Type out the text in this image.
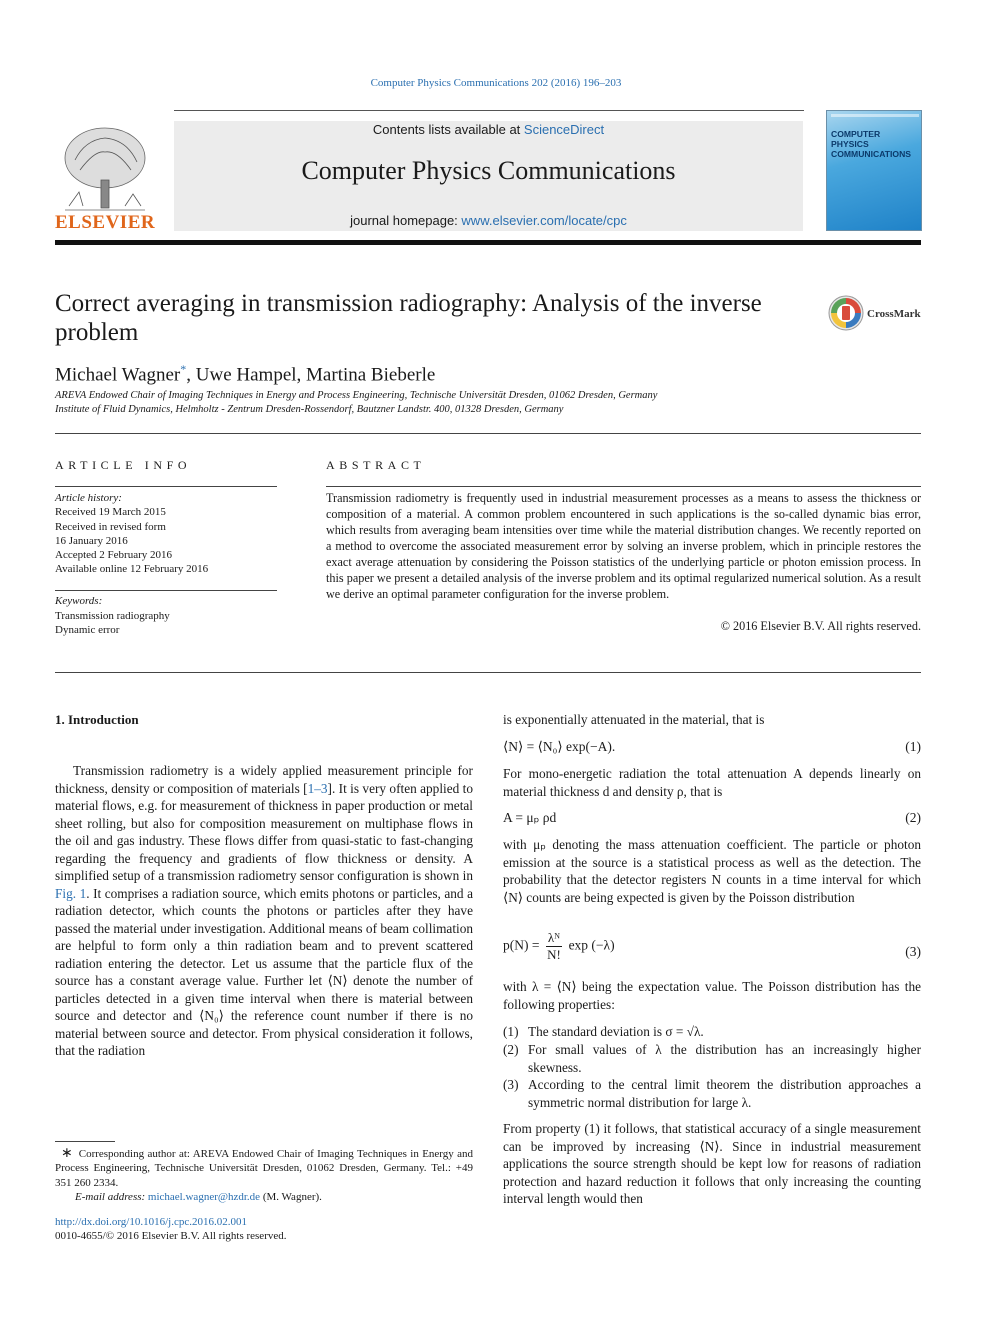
Computer Physics Communications 202 (2016) 196–203
Contents lists available at ScienceDirect
Computer Physics Communications
journal homepage: www.elsevier.com/locate/cpc
ELSEVIER
COMPUTER PHYSICS COMMUNICATIONS
Correct averaging in transmission radiography: Analysis of the inverse problem
CrossMark
Michael Wagner*, Uwe Hampel, Martina Bieberle
AREVA Endowed Chair of Imaging Techniques in Energy and Process Engineering, Technische Universität Dresden, 01062 Dresden, Germany
Institute of Fluid Dynamics, Helmholtz - Zentrum Dresden-Rossendorf, Bautzner Landstr. 400, 01328 Dresden, Germany
ARTICLE INFO	ABSTRACT
Article history:
Received 19 March 2015
Received in revised form
16 January 2016
Accepted 2 February 2016
Available online 12 February 2016
Keywords:
Transmission radiography
Dynamic error
Transmission radiometry is frequently used in industrial measurement processes as a means to assess the thickness or composition of a material. A common problem encountered in such applications is the so-called dynamic bias error, which results from averaging beam intensities over time while the material distribution changes. We recently reported on a method to overcome the associated measurement error by solving an inverse problem, which in principle restores the exact average attenuation by considering the Poisson statistics of the underlying particle or photon emission process. In this paper we present a detailed analysis of the inverse problem and its optimal regularized numerical solution. As a result we derive an optimal parameter configuration for the inverse problem.
© 2016 Elsevier B.V. All rights reserved.
1. Introduction
Transmission radiometry is a widely applied measurement principle for thickness, density or composition of materials [1–3]. It is very often applied to material flows, e.g. for measurement of thickness in paper production or metal sheet rolling, but also for composition measurement on multiphase flows in the oil and gas industry. These flows differ from quasi-static to fast-changing regarding the frequency and gradients of flow thickness or density. A simplified setup of a transmission radiometry sensor configuration is shown in Fig. 1. It comprises a radiation source, which emits photons or particles, and a radiation detector, which counts the photons or particles after they have passed the material under investigation. Additional means of beam collimation are helpful to form only a thin radiation beam and to prevent scattered radiation entering the detector. Let us assume that the particle flux of the source has a constant average value. Further let ⟨N⟩ denote the number of particles detected in a given time interval when there is material between source and detector and ⟨N₀⟩ the reference count number if there is no material between source and detector. From physical consideration it follows, that the radiation
is exponentially attenuated in the material, that is
⟨N⟩ = ⟨N₀⟩ exp(−A).	(1)
For mono-energetic radiation the total attenuation A depends linearly on material thickness d and density ρ, that is
A = μₚ ρd	(2)
with μₚ denoting the mass attenuation coefficient. The particle or photon emission at the source is a statistical process as well as the detection. The probability that the detector registers N counts in a time interval for which ⟨N⟩ counts are being expected is given by the Poisson distribution
$p(N) = \frac{\text{λᴺ}}{N!}$ exp (−λ)	(3)
with λ = ⟨N⟩ being the expectation value. The Poisson distribution has the following properties:
(1) The standard deviation is σ = √λ.
(2) For small values of λ the distribution has an increasingly higher skewness.
(3) According to the central limit theorem the distribution approaches a symmetric normal distribution for large λ.
From property (1) it follows, that statistical accuracy of a single measurement can be improved by increasing ⟨N⟩. Since in industrial measurement applications the source strength should be kept low for reasons of radiation protection and hazard reduction it follows that only increasing the counting interval length would then
∗ Corresponding author at: AREVA Endowed Chair of Imaging Techniques in Energy and Process Engineering, Technische Universität Dresden, 01062 Dresden, Germany. Tel.: +49 351 260 2334.
E-mail address: michael.wagner@hzdr.de (M. Wagner).
http://dx.doi.org/10.1016/j.cpc.2016.02.001
0010-4655/© 2016 Elsevier B.V. All rights reserved.
